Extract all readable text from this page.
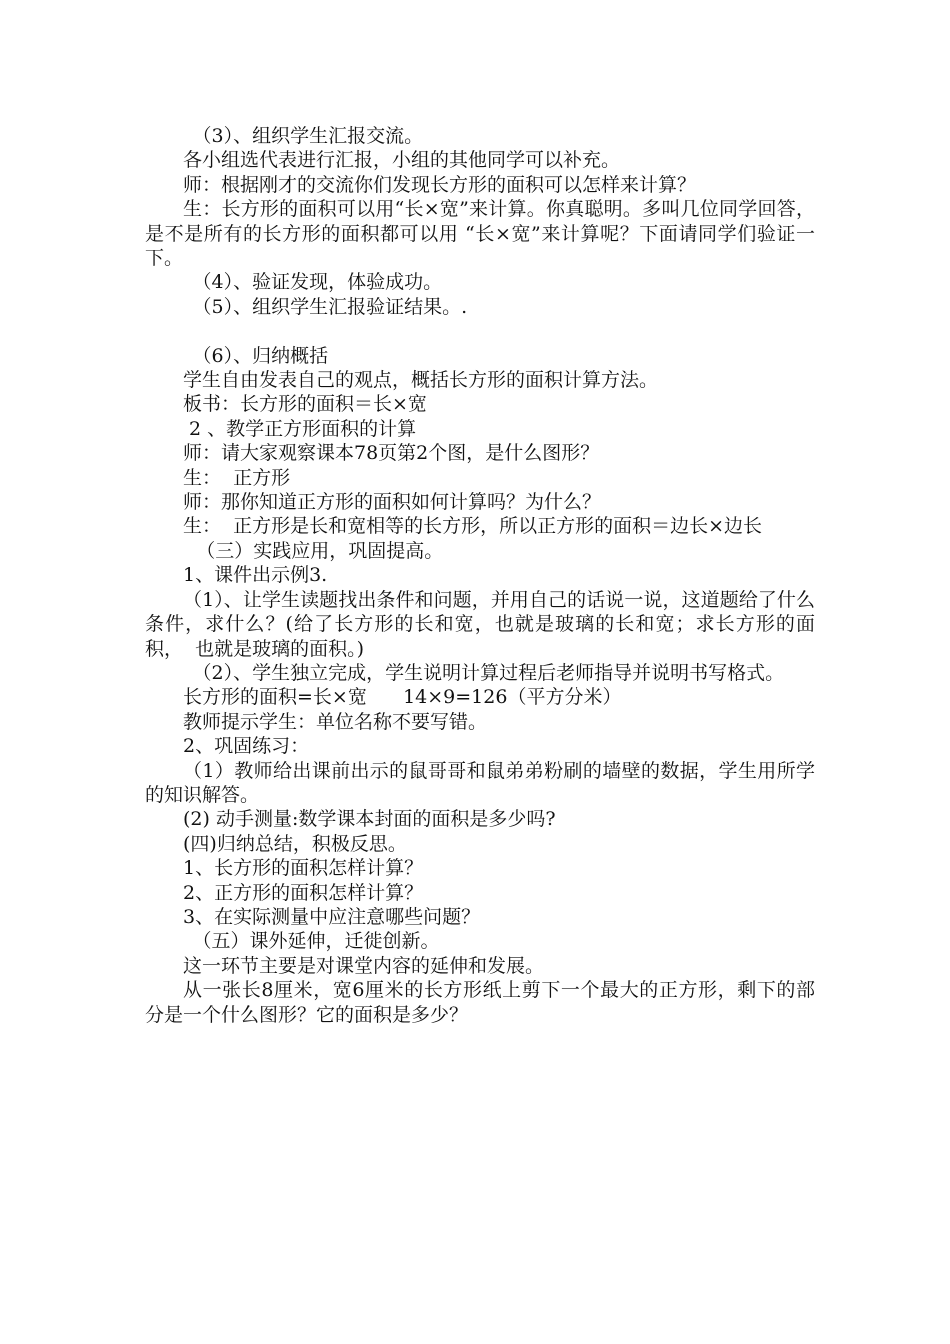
（3）、组织学生汇报交流。

各小组选代表进行汇报，小组的其他同学可以补充。

师：根据刚才的交流你们发现长方形的面积可以怎样来计算？

生：长方形的面积可以用“长×宽”来计算。你真聪明。多叫几位同学回答，是不是所有的长方形的面积都可以用 “长×宽”来计算呢？下面请同学们验证一下。

（4）、验证发现，体验成功。

（5）、组织学生汇报验证结果。.

（6）、归纳概括

学生自由发表自己的观点，概括长方形的面积计算方法。

板书：长方形的面积＝长×宽

2 、教学正方形面积的计算

师：请大家观察课本78页第2个图，是什么图形？

生：  正方形

师：那你知道正方形的面积如何计算吗？为什么？

生：  正方形是长和宽相等的长方形，所以正方形的面积＝边长×边长

（三）实践应用，巩固提高。

1、课件出示例3.

（1）、让学生读题找出条件和问题，并用自己的话说一说，这道题给了什么条件，求什么？(给了长方形的长和宽，也就是玻璃的长和宽；求长方形的面积，  也就是玻璃的面积。)

（2）、学生独立完成，学生说明计算过程后老师指导并说明书写格式。

长方形的面积=长×宽      14×9=126（平方分米）

教师提示学生：单位名称不要写错。

2、巩固练习：

（1）教师给出课前出示的鼠哥哥和鼠弟弟粉刷的墙壁的数据，学生用所学的知识解答。

(2) 动手测量:数学课本封面的面积是多少吗?

(四)归纳总结，积极反思。

1、长方形的面积怎样计算？

2、正方形的面积怎样计算？

3、在实际测量中应注意哪些问题？

（五）课外延伸，迁徙创新。

这一环节主要是对课堂内容的延伸和发展。

从一张长8厘米，宽6厘米的长方形纸上剪下一个最大的正方形，剩下的部分是一个什么图形？它的面积是多少？
